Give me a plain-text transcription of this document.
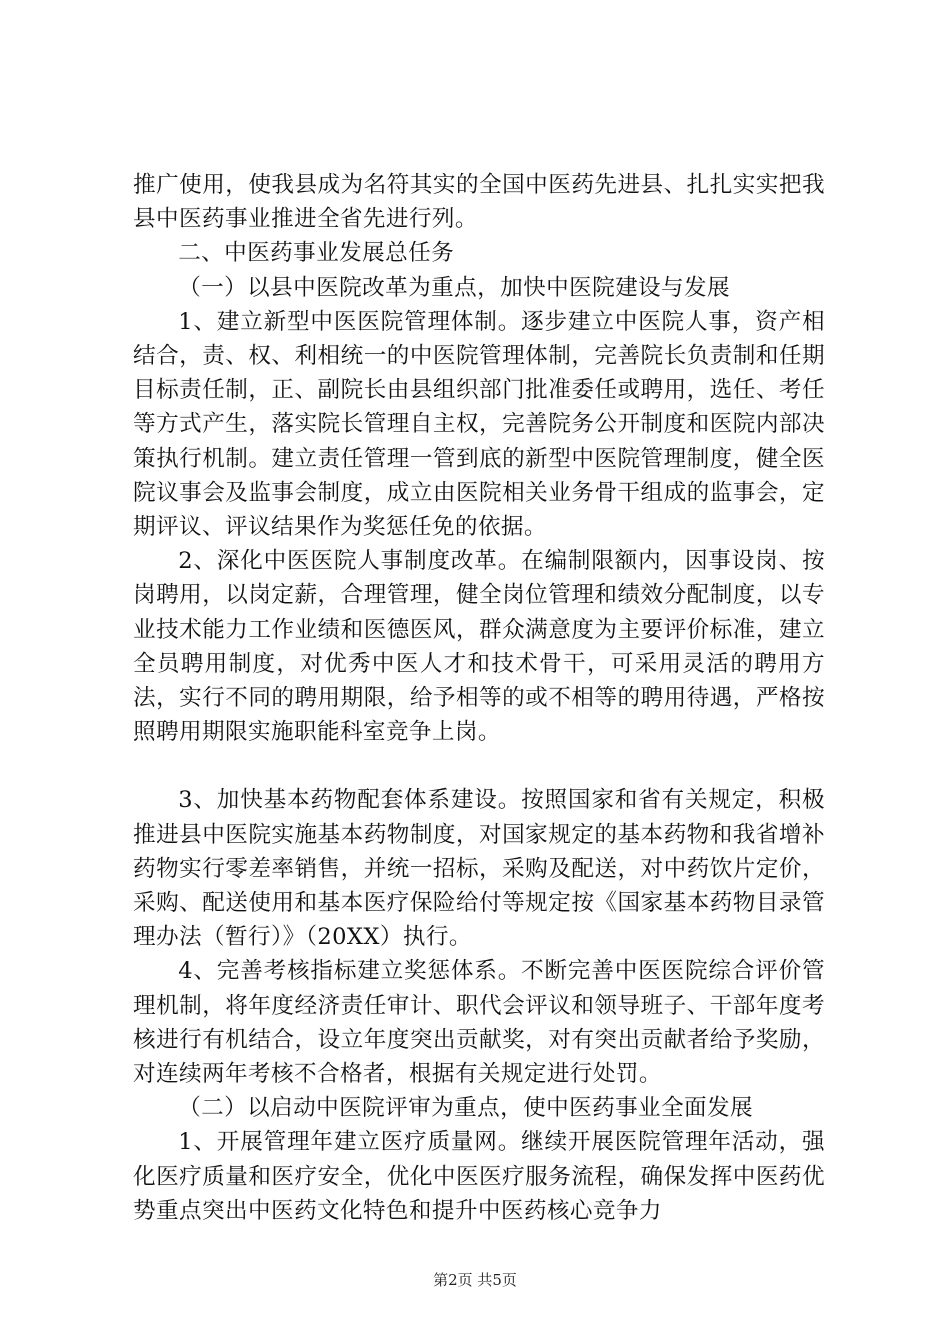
推广使用，使我县成为名符其实的全国中医药先进县、扎扎实实把我县中医药事业推进全省先进行列。

二、中医药事业发展总任务

（一）以县中医院改革为重点，加快中医院建设与发展

1、建立新型中医医院管理体制。逐步建立中医院人事，资产相结合，责、权、利相统一的中医院管理体制，完善院长负责制和任期目标责任制，正、副院长由县组织部门批准委任或聘用，选任、考任等方式产生，落实院长管理自主权，完善院务公开制度和医院内部决策执行机制。建立责任管理一管到底的新型中医院管理制度，健全医院议事会及监事会制度，成立由医院相关业务骨干组成的监事会，定期评议、评议结果作为奖惩任免的依据。

2、深化中医医院人事制度改革。在编制限额内，因事设岗、按岗聘用，以岗定薪，合理管理，健全岗位管理和绩效分配制度，以专业技术能力工作业绩和医德医风，群众满意度为主要评价标准，建立全员聘用制度，对优秀中医人才和技术骨干，可采用灵活的聘用方法，实行不同的聘用期限，给予相等的或不相等的聘用待遇，严格按照聘用期限实施职能科室竞争上岗。

3、加快基本药物配套体系建设。按照国家和省有关规定，积极推进县中医院实施基本药物制度，对国家规定的基本药物和我省增补药物实行零差率销售，并统一招标，采购及配送，对中药饮片定价，采购、配送使用和基本医疗保险给付等规定按《国家基本药物目录管理办法（暂行）》（20XX）执行。

4、完善考核指标建立奖惩体系。不断完善中医医院综合评价管理机制，将年度经济责任审计、职代会评议和领导班子、干部年度考核进行有机结合，设立年度突出贡献奖，对有突出贡献者给予奖励，对连续两年考核不合格者，根据有关规定进行处罚。

（二）以启动中医院评审为重点，使中医药事业全面发展

1、开展管理年建立医疗质量网。继续开展医院管理年活动，强化医疗质量和医疗安全，优化中医医疗服务流程，确保发挥中医药优势重点突出中医药文化特色和提升中医药核心竞争力

第2页 共5页
